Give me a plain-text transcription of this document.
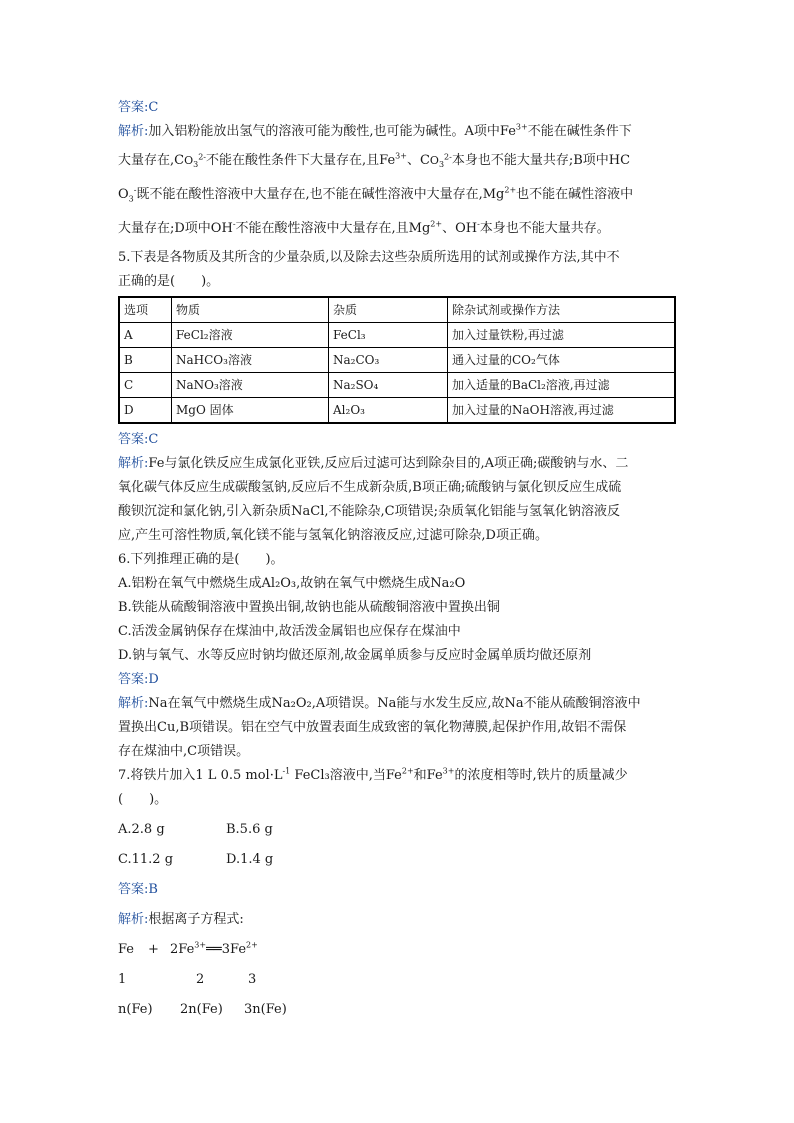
答案:C

解析:加入铝粉能放出氢气的溶液可能为酸性,也可能为碱性。A项中$Fe^{3+}$不能在碱性条件下

大量存在$,CO_3^{2-}$不能在酸性条件下大量存在,且$Fe^{3+}$、$CO_3^{2-}$本身也不能大量共存;B项中HC

$O_3^-$既不能在酸性溶液中大量存在,也不能在碱性溶液中大量存在$,Mg^{2+}$也不能在碱性溶液中

大量存在;D项中OH-不能在酸性溶液中大量存在,且$Mg^{2+}$、OH-本身也不能大量共存。

5.下表是各物质及其所含的少量杂质,以及除去这些杂质所选用的试剂或操作方法,其中不

正确的是(　　)。

选项	物质	杂质	除杂试剂或操作方法
A	FeCl₂溶液	FeCl₃	加入过量铁粉,再过滤
B	NaHCO₃溶液	Na₂CO₃	通入过量的CO₂气体
C	NaNO₃溶液	Na₂SO₄	加入适量的BaCl₂溶液,再过滤
D	MgO 固体	Al₂O₃	加入过量的NaOH溶液,再过滤

答案:C

解析:Fe与氯化铁反应生成氯化亚铁,反应后过滤可达到除杂目的,A项正确;碳酸钠与水、二

氧化碳气体反应生成碳酸氢钠,反应后不生成新杂质,B项正确;硫酸钠与氯化钡反应生成硫

酸钡沉淀和氯化钠,引入新杂质NaCl,不能除杂,C项错误;杂质氧化铝能与氢氧化钠溶液反

应,产生可溶性物质,氧化镁不能与氢氧化钠溶液反应,过滤可除杂,D项正确。

6.下列推理正确的是(　　)。

A.铝粉在氧气中燃烧生成Al₂O₃,故钠在氧气中燃烧生成Na₂O

B.铁能从硫酸铜溶液中置换出铜,故钠也能从硫酸铜溶液中置换出铜

C.活泼金属钠保存在煤油中,故活泼金属铝也应保存在煤油中

D.钠与氧气、水等反应时钠均做还原剂,故金属单质参与反应时金属单质均做还原剂

答案:D

解析:Na在氧气中燃烧生成Na₂O₂,A项错误。Na能与水发生反应,故Na不能从硫酸铜溶液中

置换出Cu,B项错误。铝在空气中放置表面生成致密的氧化物薄膜,起保护作用,故铝不需保

存在煤油中,C项错误。

7.将铁片加入1 L 0.5 $mol\cdot L^{-1}$ FeCl₃溶液中,当$Fe^{2+}$和$Fe^{3+}$的浓度相等时,铁片的质量减少

(　　)。

A.2.8 g	B.5.6 g

C.11.2 g	D.1.4 g

答案:B

解析:根据离子方程式:

$Fe + 2Fe^{3+}══3Fe^{2+}$

1	2	3

n(Fe) 2n(Fe) 3n(Fe)
